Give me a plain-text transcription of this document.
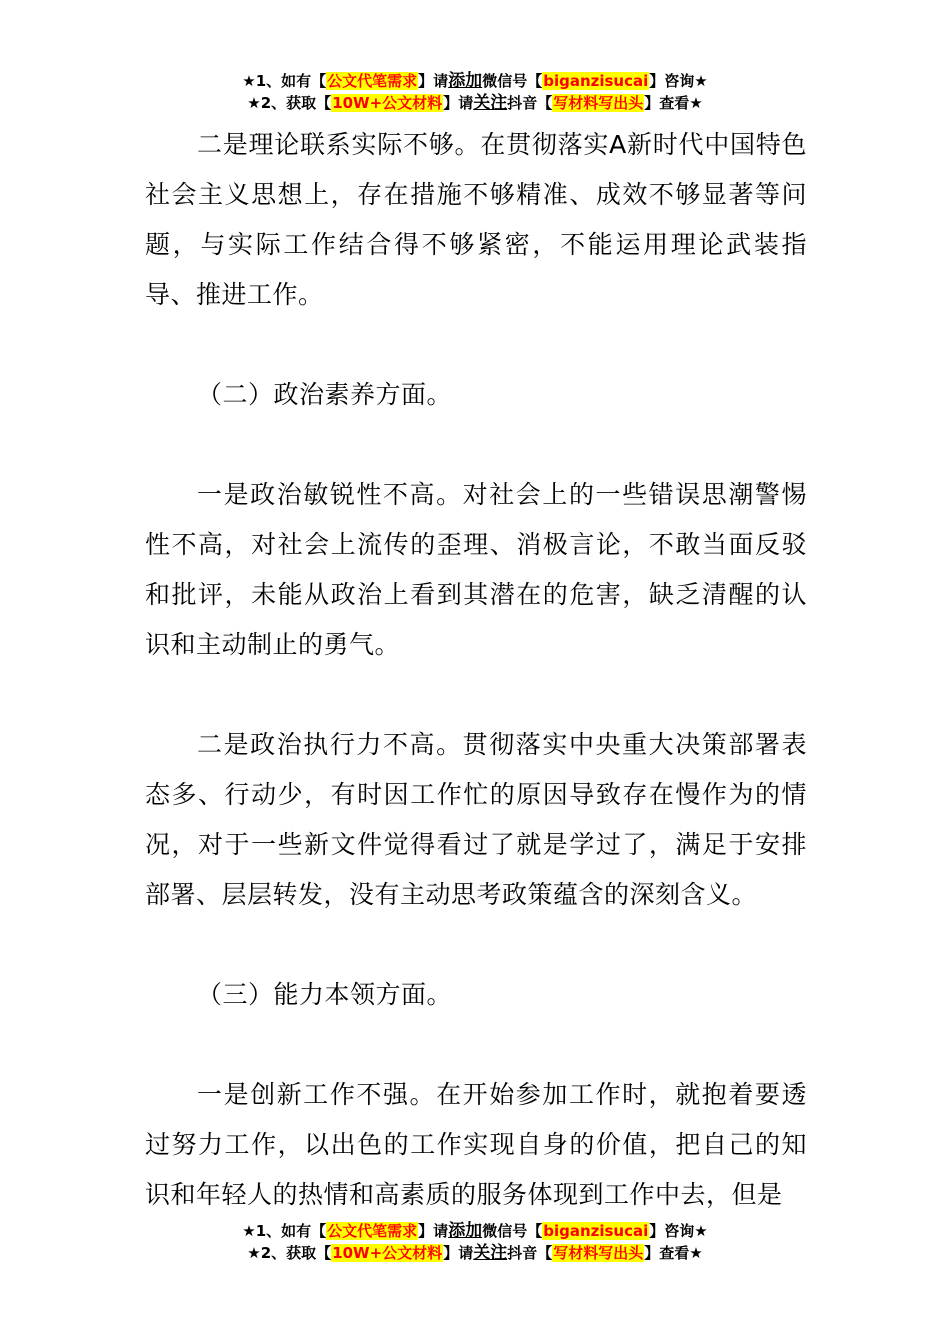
★1、如有【公文代笔需求】请添加微信号【biganzisucai】咨询★
★2、获取【10W+公文材料】请关注抖音【写材料写出头】查看★

二是理论联系实际不够。在贯彻落实A新时代中国特色社会主义思想上，存在措施不够精准、成效不够显著等问题，与实际工作结合得不够紧密，不能运用理论武装指导、推进工作。

（二）政治素养方面。

一是政治敏锐性不高。对社会上的一些错误思潮警惕性不高，对社会上流传的歪理、消极言论，不敢当面反驳和批评，未能从政治上看到其潜在的危害，缺乏清醒的认识和主动制止的勇气。

二是政治执行力不高。贯彻落实中央重大决策部署表态多、行动少，有时因工作忙的原因导致存在慢作为的情况，对于一些新文件觉得看过了就是学过了，满足于安排部署、层层转发，没有主动思考政策蕴含的深刻含义。

（三）能力本领方面。

一是创新工作不强。在开始参加工作时，就抱着要透过努力工作，以出色的工作实现自身的价值，把自己的知识和年轻人的热情和高素质的服务体现到工作中去，但是

★1、如有【公文代笔需求】请添加微信号【biganzisucai】咨询★
★2、获取【10W+公文材料】请关注抖音【写材料写出头】查看★
